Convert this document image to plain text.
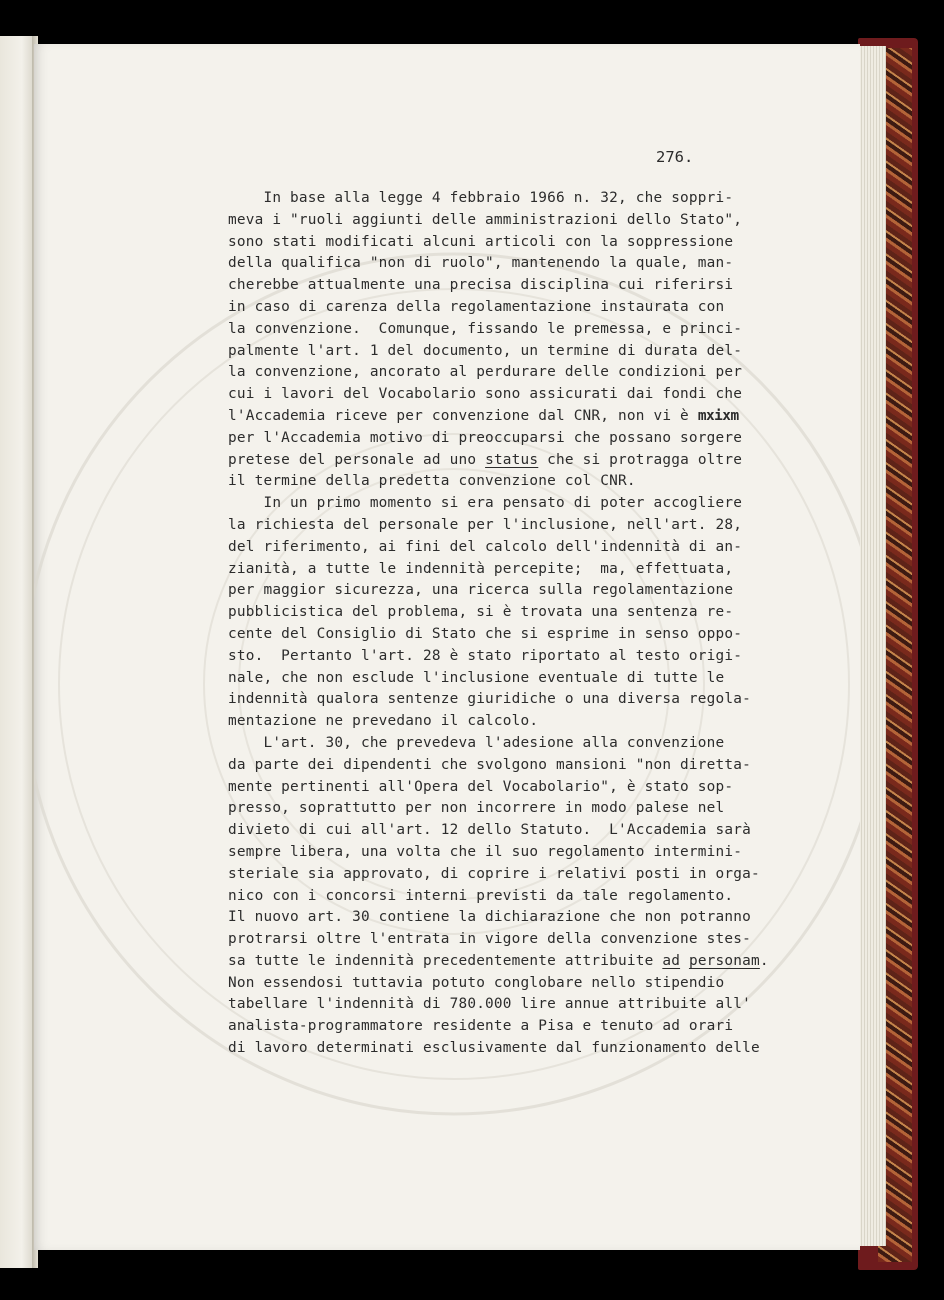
276.
In base alla legge 4 febbraio 1966 n. 32, che soppri-
meva i "ruoli aggiunti delle amministrazioni dello Stato",
sono stati modificati alcuni articoli con la soppressione
della qualifica "non di ruolo", mantenendo la quale, man-
cherebbe attualmente una precisa disciplina cui riferirsi
in caso di carenza della regolamentazione instaurata con
la convenzione.  Comunque, fissando le premessa, e princi-
palmente l'art. 1 del documento, un termine di durata del-
la convenzione, ancorato al perdurare delle condizioni per
cui i lavori del Vocabolario sono assicurati dai fondi che
l'Accademia riceve per convenzione dal CNR, non vi è mxixm
per l'Accademia motivo di preoccuparsi che possano sorgere
pretese del personale ad uno status che si protragga oltre
il termine della predetta convenzione col CNR.
In un primo momento si era pensato di poter accogliere
la richiesta del personale per l'inclusione, nell'art. 28,
del riferimento, ai fini del calcolo dell'indennità di an-
zianità, a tutte le indennità percepite;  ma, effettuata,
per maggior sicurezza, una ricerca sulla regolamentazione
pubblicistica del problema, si è trovata una sentenza re-
cente del Consiglio di Stato che si esprime in senso oppo-
sto.  Pertanto l'art. 28 è stato riportato al testo origi-
nale, che non esclude l'inclusione eventuale di tutte le
indennità qualora sentenze giuridiche o una diversa regola-
mentazione ne prevedano il calcolo.
L'art. 30, che prevedeva l'adesione alla convenzione
da parte dei dipendenti che svolgono mansioni "non diretta-
mente pertinenti all'Opera del Vocabolario", è stato sop-
presso, soprattutto per non incorrere in modo palese nel
divieto di cui all'art. 12 dello Statuto.  L'Accademia sarà
sempre libera, una volta che il suo regolamento intermini-
steriale sia approvato, di coprire i relativi posti in orga-
nico con i concorsi interni previsti da tale regolamento.
Il nuovo art. 30 contiene la dichiarazione che non potranno
protrarsi oltre l'entrata in vigore della convenzione stes-
sa tutte le indennità precedentemente attribuite ad personam.
Non essendosi tuttavia potuto conglobare nello stipendio
tabellare l'indennità di 780.000 lire annue attribuite all'
analista-programmatore residente a Pisa e tenuto ad orari
di lavoro determinati esclusivamente dal funzionamento delle
